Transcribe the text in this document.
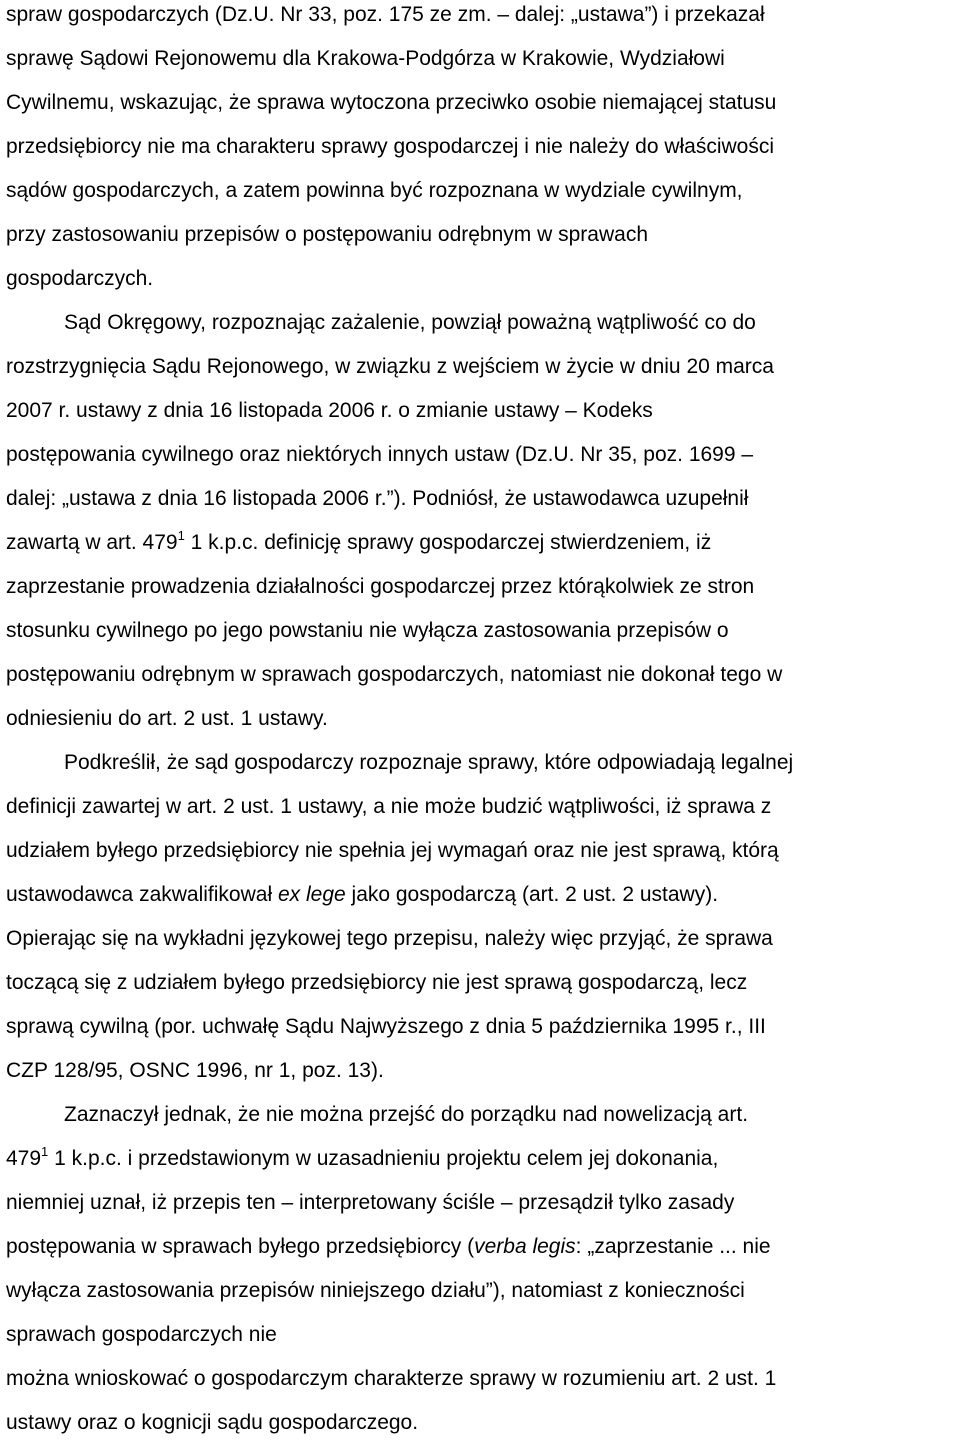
spraw gospodarczych (Dz.U. Nr 33, poz. 175 ze zm. – dalej: „ustawa”) i przekazał
sprawę Sądowi Rejonowemu dla Krakowa-Podgórza w Krakowie, Wydziałowi
Cywilnemu, wskazując, że sprawa wytoczona przeciwko osobie niemającej statusu
przedsiębiorcy nie ma charakteru sprawy gospodarczej i nie należy do właściwości
sądów gospodarczych, a zatem powinna być rozpoznana w wydziale cywilnym,
przy zastosowaniu przepisów o postępowaniu odrębnym w sprawach
gospodarczych.
Sąd Okręgowy, rozpoznając zażalenie, powziął poważną wątpliwość co do
rozstrzygnięcia Sądu Rejonowego, w związku z wejściem w życie w dniu 20 marca
2007 r. ustawy z dnia 16 listopada 2006 r. o zmianie ustawy – Kodeks
postępowania cywilnego oraz niektórych innych ustaw (Dz.U. Nr 35, poz. 1699 –
dalej: „ustawa z dnia 16 listopada 2006 r.”). Podniósł, że ustawodawca uzupełnił
zawartą w art. $479^1$ 1 k.p.c. definicję sprawy gospodarczej stwierdzeniem, iż
zaprzestanie prowadzenia działalności gospodarczej przez którąkolwiek ze stron
stosunku cywilnego po jego powstaniu nie wyłącza zastosowania przepisów o
postępowaniu odrębnym w sprawach gospodarczych, natomiast nie dokonał tego w
odniesieniu do art. 2 ust. 1 ustawy.
Podkreślił, że sąd gospodarczy rozpoznaje sprawy, które odpowiadają legalnej
definicji zawartej w art. 2 ust. 1 ustawy, a nie może budzić wątpliwości, iż sprawa z
udziałem byłego przedsiębiorcy nie spełnia jej wymagań oraz nie jest sprawą, którą
ustawodawca zakwalifikował ex lege jako gospodarczą (art. 2 ust. 2 ustawy).
Opierając się na wykładni językowej tego przepisu, należy więc przyjąć, że sprawa
toczącą się z udziałem byłego przedsiębiorcy nie jest sprawą gospodarczą, lecz
sprawą cywilną (por. uchwałę Sądu Najwyższego z dnia 5 października 1995 r., III
CZP 128/95, OSNC 1996, nr 1, poz. 13).
Zaznaczył jednak, że nie można przejść do porządku nad nowelizacją art.
$479^1$ 1 k.p.c. i przedstawionym w uzasadnieniu projektu celem jej dokonania,
niemniej uznał, iż przepis ten – interpretowany ściśle – przesądził tylko zasady
postępowania w sprawach byłego przedsiębiorcy (verba legis: „zaprzestanie ... nie
wyłącza zastosowania przepisów niniejszego działu”), natomiast z konieczności
sprawach gospodarczych nie
można wnioskować o gospodarczym charakterze sprawy w rozumieniu art. 2 ust. 1
ustawy oraz o kognicji sądu gospodarczego.
